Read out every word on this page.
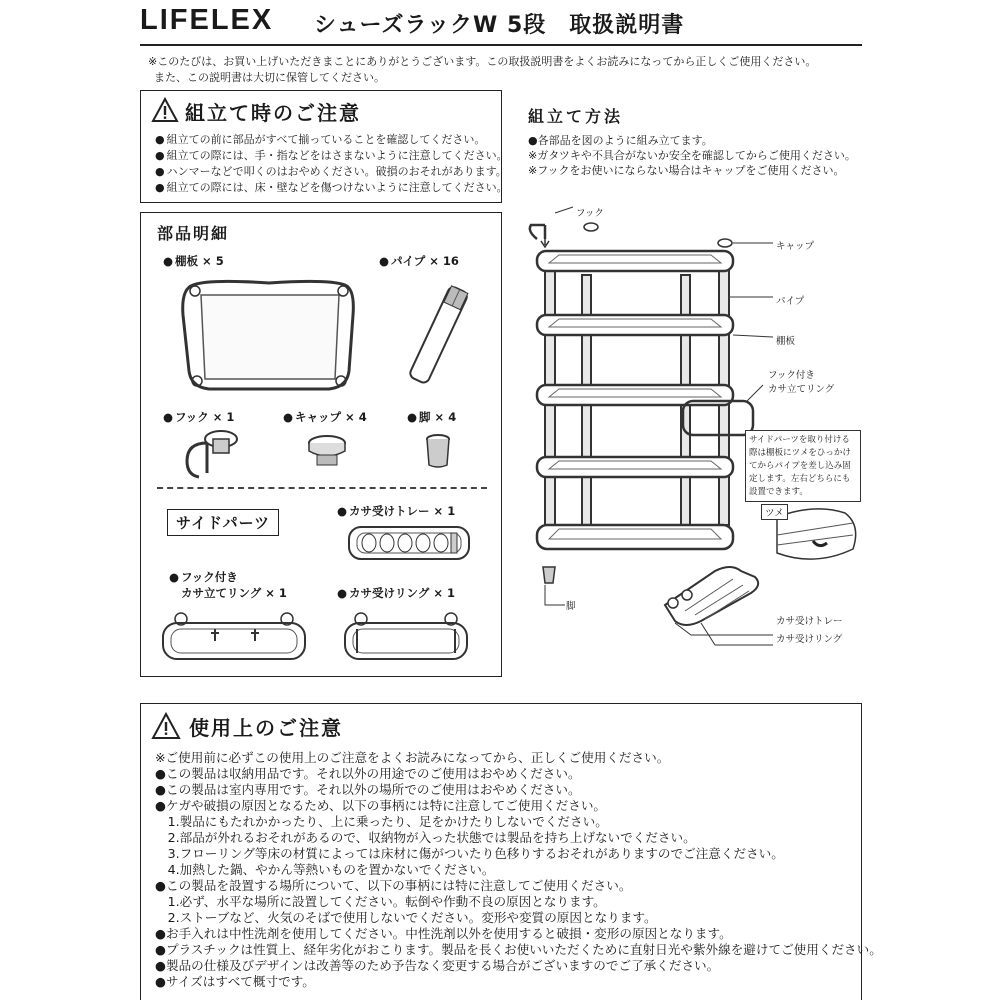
LIFELEX シューズラックW 5段　取扱説明書
※このたびは、お買い上げいただきまことにありがとうございます。この取扱説明書をよくお読みになってから正しくご使用ください。
また、この説明書は大切に保管してください。
組立て時のご注意
● 組立ての前に部品がすべて揃っていることを確認してください。
● 組立ての際には、手・指などをはさまないように注意してください。
● ハンマーなどで叩くのはおやめください。破損のおそれがあります。
● 組立ての際には、床・壁などを傷つけないように注意してください。
部品明細
● 棚板 × 5	● パイプ × 16
● フック × 1	● キャップ × 4	● 脚 × 4
サイドパーツ
● カサ受けトレー × 1
● フック付き
カサ立てリング × 1	● カサ受けリング × 1
組立て方法
●各部品を図のように組み立てます。
※ガタツキや不具合がないか安全を確認してからご使用ください。
※フックをお使いにならない場合はキャップをご使用ください。
フック
キャップ
パイプ
棚板
フック付き
カサ立てリング
脚
カサ受けトレー
カサ受けリング
サイドパーツを取り付ける
際は棚板にツメをひっかけ
てからパイプを差し込み固
定します。左右どちらにも
設置できます。
ツメ
使用上のご注意
※ご使用前に必ずこの使用上のご注意をよくお読みになってから、正しくご使用ください。
●この製品は収納用品です。それ以外の用途でのご使用はおやめください。
●この製品は室内専用です。それ以外の場所でのご使用はおやめください。
●ケガや破損の原因となるため、以下の事柄には特に注意してご使用ください。
　1.製品にもたれかかったり、上に乗ったり、足をかけたりしないでください。
　2.部品が外れるおそれがあるので、収納物が入った状態では製品を持ち上げないでください。
　3.フローリング等床の材質によっては床材に傷がついたり色移りするおそれがありますのでご注意ください。
　4.加熱した鍋、やかん等熱いものを置かないでください。
●この製品を設置する場所について、以下の事柄には特に注意してご使用ください。
　1.必ず、水平な場所に設置してください。転倒や作動不良の原因となります。
　2.ストーブなど、火気のそばで使用しないでください。変形や変質の原因となります。
●お手入れは中性洗剤を使用してください。中性洗剤以外を使用すると破損・変形の原因となります。
●プラスチックは性質上、経年劣化がおこります。製品を長くお使いいただくために直射日光や紫外線を避けてご使用ください。
●製品の仕様及びデザインは改善等のため予告なく変更する場合がございますのでご了承ください。
●サイズはすべて概寸です。
